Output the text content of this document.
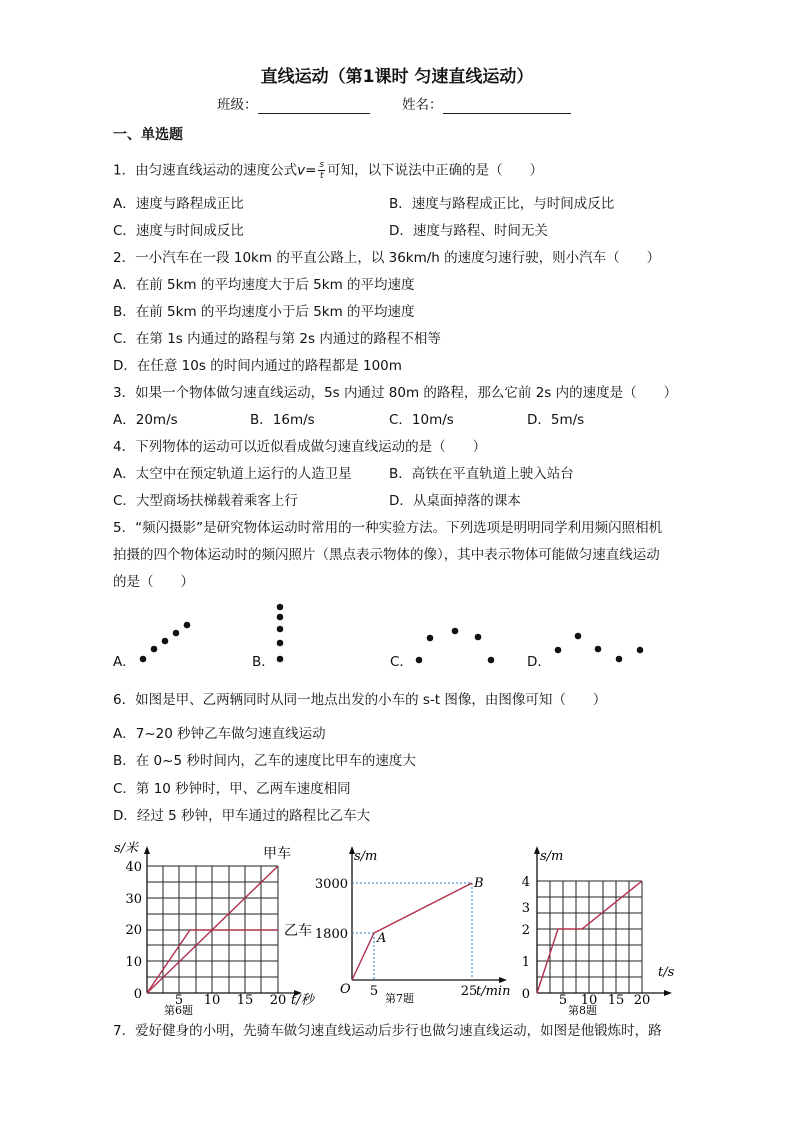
直线运动（第1课时 匀速直线运动）
班级：	姓名：
一、单选题
1．由匀速直线运动的速度公式$v= \frac{s}{t}$ 可知，以下说法中正确的是（　　）
A．速度与路程成正比	B．速度与路程成正比，与时间成反比
C．速度与时间成反比	D．速度与路程、时间无关
2．一小汽车在一段 10km 的平直公路上，以 36km/h 的速度匀速行驶，则小汽车（　　）
A．在前 5km 的平均速度大于后 5km 的平均速度
B．在前 5km 的平均速度小于后 5km 的平均速度
C．在第 1s 内通过的路程与第 2s 内通过的路程不相等
D．在任意 10s 的时间内通过的路程都是 100m
3．如果一个物体做匀速直线运动，5s 内通过 80m 的路程，那么它前 2s 内的速度是（　　）
A．20m/s	B．16m/s	C．10m/s	D．5m/s
4．下列物体的运动可以近似看成做匀速直线运动的是（　　）
A．太空中在预定轨道上运行的人造卫星	B．高铁在平直轨道上驶入站台
C．大型商场扶梯载着乘客上行	D．从桌面掉落的课本
5．“频闪摄影”是研究物体运动时常用的一种实验方法。下列选项是明明同学利用频闪照相机
拍摄的四个物体运动时的频闪照片（黑点表示物体的像），其中表示物体可能做匀速直线运动
的是（　　）
A．	B．	C．	D．
6．如图是甲、乙两辆同时从同一地点出发的小车的 s-t 图像，由图像可知（　　）
A．7~20 秒钟乙车做匀速直线运动
B．在 0~5 秒时间内，乙车的速度比甲车的速度大
C．第 10 秒钟时，甲、乙两车速度相同
D．经过 5 秒钟，甲车通过的路程比乙车大
s/米
t/秒
甲车
乙车
0
10
20
30
40
5 10 15 20
第6题
s/m
t/min
O
A
B
1800
3000
5	25
第7题
s/m
t/s
0
1
2
3
4
5 10 15 20
第8题
7．爱好健身的小明，先骑车做匀速直线运动后步行也做匀速直线运动，如图是他锻炼时，路
